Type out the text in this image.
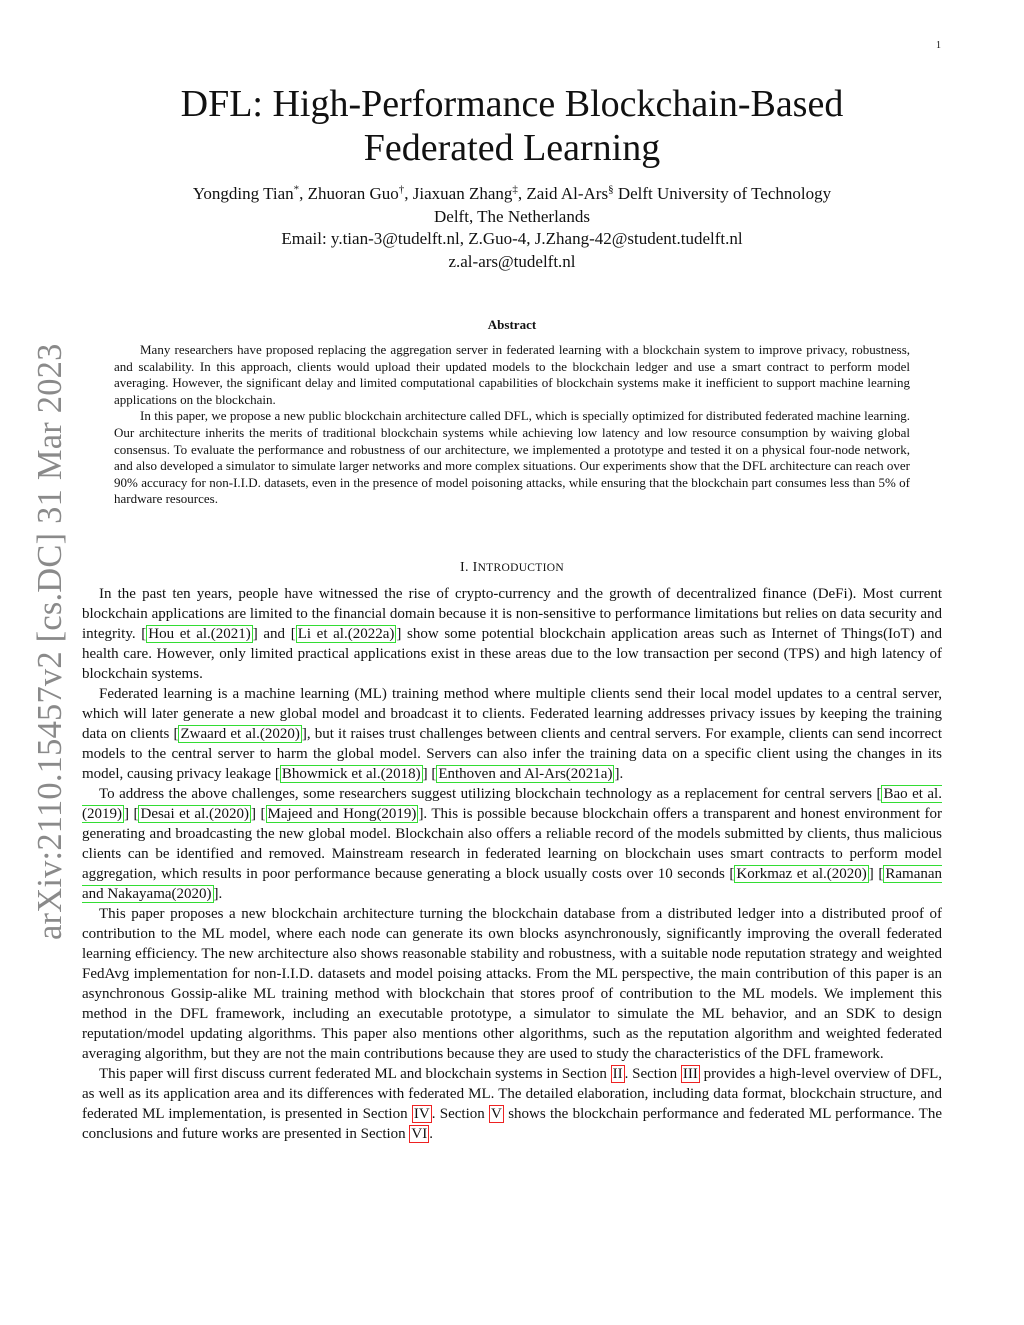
1
arXiv:2110.15457v2 [cs.DC] 31 Mar 2023
DFL: High-Performance Blockchain-Based
Federated Learning
Yongding Tian*, Zhuoran Guo†, Jiaxuan Zhang‡, Zaid Al-Ars§ Delft University of Technology
Delft, The Netherlands
Email: y.tian-3@tudelft.nl, Z.Guo-4, J.Zhang-42@student.tudelft.nl
z.al-ars@tudelft.nl
Abstract

Many researchers have proposed replacing the aggregation server in federated learning with a blockchain system to improve privacy, robustness, and scalability. In this approach, clients would upload their updated models to the blockchain ledger and use a smart contract to perform model averaging. However, the significant delay and limited computational capabilities of blockchain systems make it inefficient to support machine learning applications on the blockchain.

In this paper, we propose a new public blockchain architecture called DFL, which is specially optimized for distributed federated machine learning. Our architecture inherits the merits of traditional blockchain systems while achieving low latency and low resource consumption by waiving global consensus. To evaluate the performance and robustness of our architecture, we implemented a prototype and tested it on a physical four-node network, and also developed a simulator to simulate larger networks and more complex situations. Our experiments show that the DFL architecture can reach over 90% accuracy for non-I.I.D. datasets, even in the presence of model poisoning attacks, while ensuring that the blockchain part consumes less than 5% of hardware resources.

I. INTRODUCTION

In the past ten years, people have witnessed the rise of crypto-currency and the growth of decentralized finance (DeFi). Most current blockchain applications are limited to the financial domain because it is non-sensitive to performance limitations but relies on data security and integrity. [ Hou et al.(2021) ] and [ Li et al.(2022a) ] show some potential blockchain application areas such as Internet of Things(IoT) and health care. However, only limited practical applications exist in these areas due to the low transaction per second (TPS) and high latency of blockchain systems.

Federated learning is a machine learning (ML) training method where multiple clients send their local model updates to a central server, which will later generate a new global model and broadcast it to clients. Federated learning addresses privacy issues by keeping the training data on clients [ Zwaard et al.(2020) ], but it raises trust challenges between clients and central servers. For example, clients can send incorrect models to the central server to harm the global model. Servers can also infer the training data on a specific client using the changes in its model, causing privacy leakage [ Bhowmick et al.(2018) ] [ Enthoven and Al-Ars(2021a) ].

To address the above challenges, some researchers suggest utilizing blockchain technology as a replacement for central servers [ Bao et al.(2019) ] [ Desai et al.(2020) ] [ Majeed and Hong(2019) ]. This is possible because blockchain offers a transparent and honest environment for generating and broadcasting the new global model. Blockchain also offers a reliable record of the models submitted by clients, thus malicious clients can be identified and removed. Mainstream research in federated learning on blockchain uses smart contracts to perform model aggregation, which results in poor performance because generating a block usually costs over 10 seconds [ Korkmaz et al.(2020) ] [ Ramanan and Nakayama(2020) ].

This paper proposes a new blockchain architecture turning the blockchain database from a distributed ledger into a distributed proof of contribution to the ML model, where each node can generate its own blocks asynchronously, significantly improving the overall federated learning efficiency. The new architecture also shows reasonable stability and robustness, with a suitable node reputation strategy and weighted FedAvg implementation for non-I.I.D. datasets and model poising attacks. From the ML perspective, the main contribution of this paper is an asynchronous Gossip-alike ML training method with blockchain that stores proof of contribution to the ML models. We implement this method in the DFL framework, including an executable prototype, a simulator to simulate the ML behavior, and an SDK to design reputation/model updating algorithms. This paper also mentions other algorithms, such as the reputation algorithm and weighted federated averaging algorithm, but they are not the main contributions because they are used to study the characteristics of the DFL framework.

This paper will first discuss current federated ML and blockchain systems in Section II . Section III provides a high-level overview of DFL, as well as its application area and its differences with federated ML. The detailed elaboration, including data format, blockchain structure, and federated ML implementation, is presented in Section IV . Section V shows the blockchain performance and federated ML performance. The conclusions and future works are presented in Section VI .
